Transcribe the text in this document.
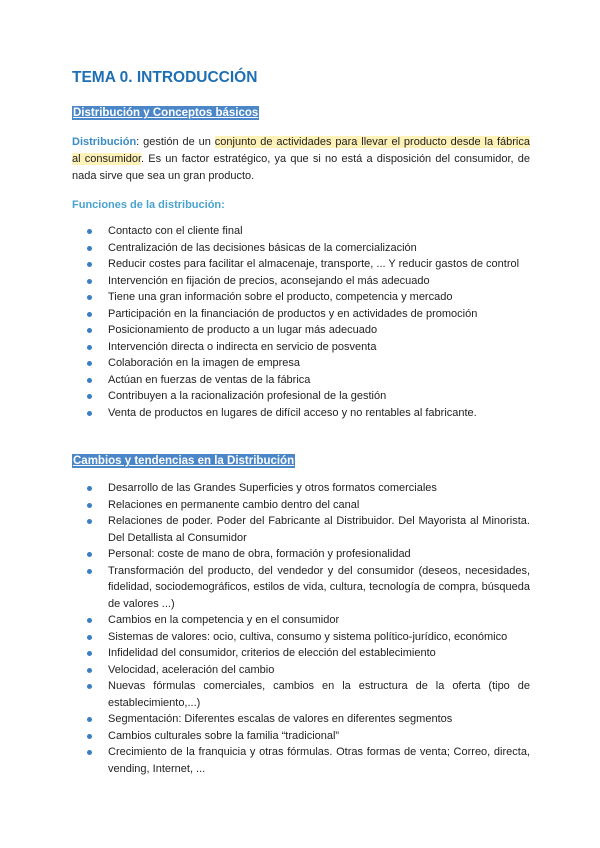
TEMA 0. INTRODUCCIÓN
Distribución y Conceptos básicos

Distribución: gestión de un conjunto de actividades para llevar el producto desde la fábrica al consumidor. Es un factor estratégico, ya que si no está a disposición del consumidor, de nada sirve que sea un gran producto.

Funciones de la distribución:

Contacto con el cliente final
Centralización de las decisiones básicas de la comercialización
Reducir costes para facilitar el almacenaje, transporte, ... Y reducir gastos de control
Intervención en fijación de precios, aconsejando el más adecuado
Tiene una gran información sobre el producto, competencia y mercado
Participación en la financiación de productos y en actividades de promoción
Posicionamiento de producto a un lugar más adecuado
Intervención directa o indirecta en servicio de posventa
Colaboración en la imagen de empresa
Actúan en fuerzas de ventas de la fábrica
Contribuyen a la racionalización profesional de la gestión
Venta de productos en lugares de difícil acceso y no rentables al fabricante.
Cambios y tendencias en la Distribución
Desarrollo de las Grandes Superficies y otros formatos comerciales
Relaciones en permanente cambio dentro del canal
Relaciones de poder. Poder del Fabricante al Distribuidor. Del Mayorista al Minorista. Del Detallista al Consumidor
Personal: coste de mano de obra, formación y profesionalidad
Transformación del producto, del vendedor y del consumidor (deseos, necesidades, fidelidad, sociodemográficos, estilos de vida, cultura, tecnología de compra, búsqueda de valores ...)
Cambios en la competencia y en el consumidor
Sistemas de valores: ocio, cultiva, consumo y sistema político-jurídico, económico
Infidelidad del consumidor, criterios de elección del establecimiento
Velocidad, aceleración del cambio
Nuevas fórmulas comerciales, cambios en la estructura de la oferta (tipo de establecimiento,...)
Segmentación: Diferentes escalas de valores en diferentes segmentos
Cambios culturales sobre la familia “tradicional”
Crecimiento de la franquicia y otras fórmulas. Otras formas de venta; Correo, directa, vending, Internet, ...
